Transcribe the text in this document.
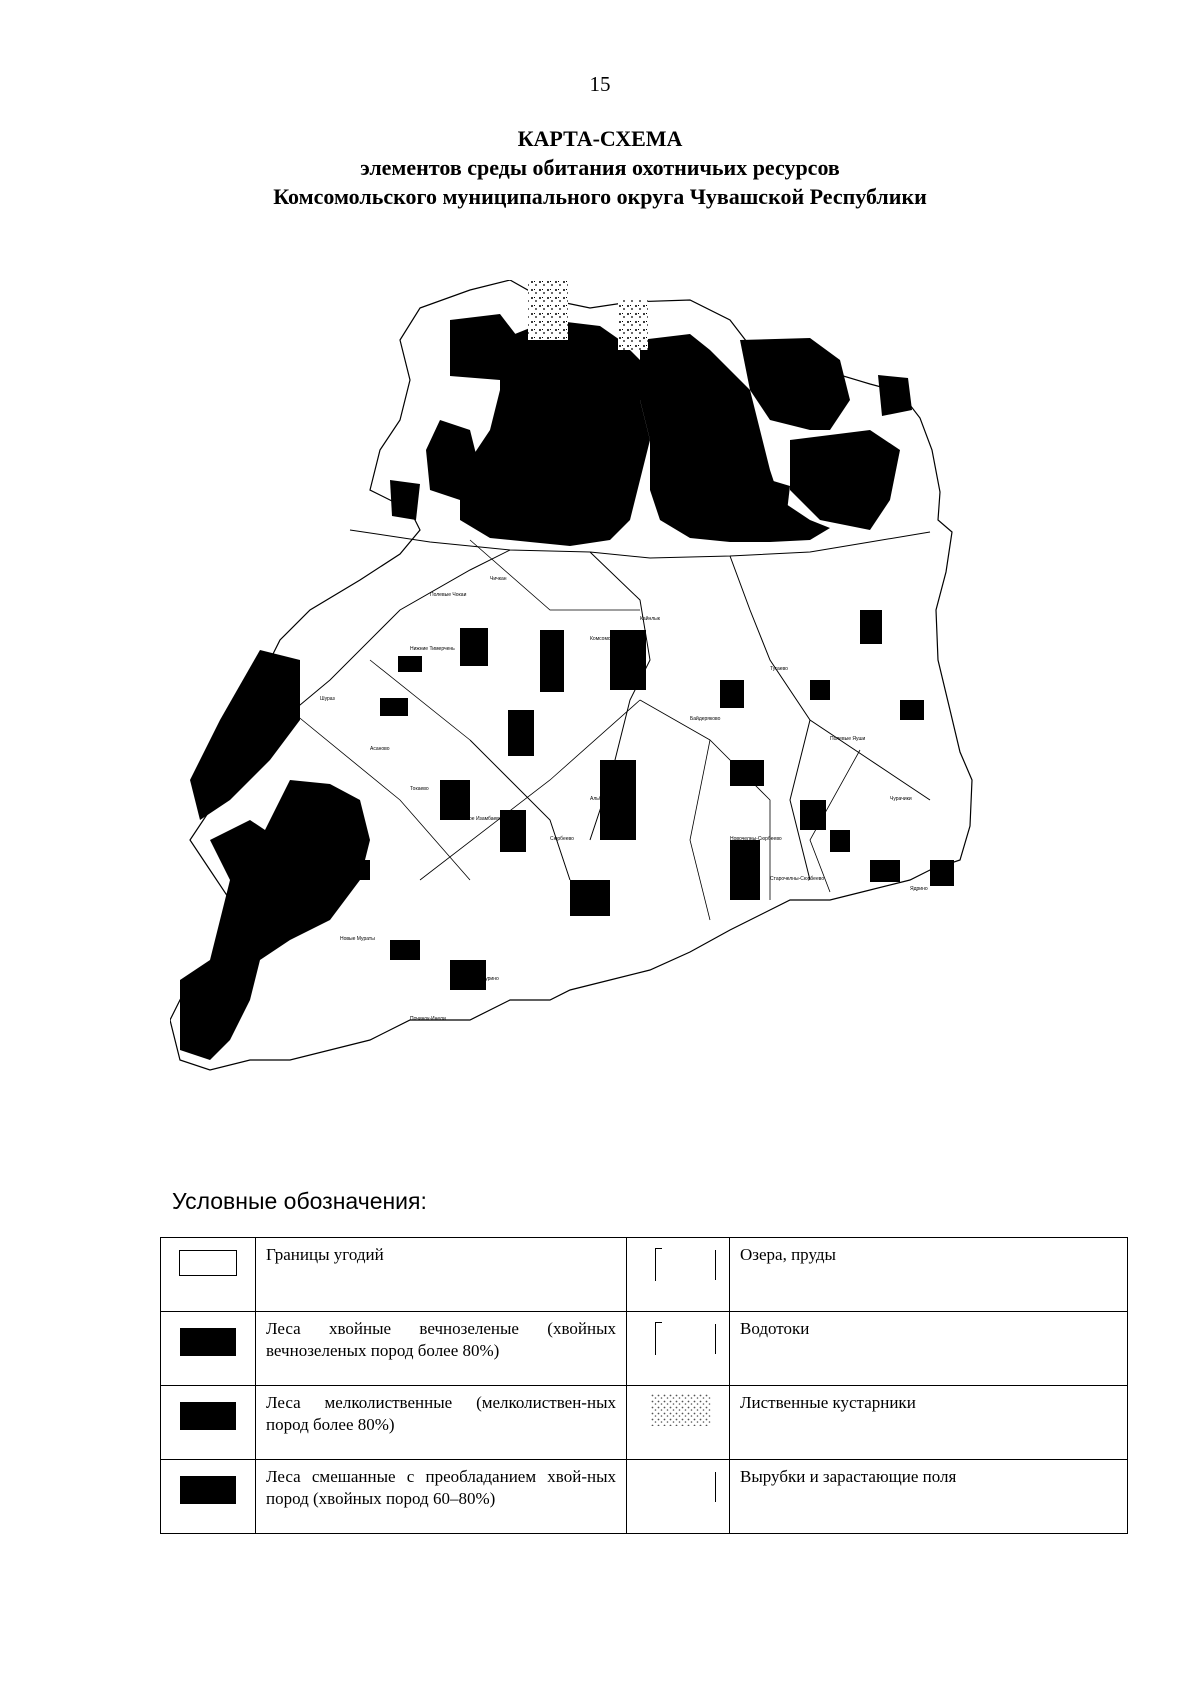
15
КАРТА-СХЕМА
элементов среды обитания охотничьих ресурсов
Комсомольского муниципального округа Чувашской Республики
Кульгеши
Полевые Чокаи
Чичкан
Нижние Тимерчень
Кайнлык
Комсомольское
Шураз
Асаново
Токаево
Новое Изамбаево
Альбусь-Сюрбеево
Сюрбеево
Байдеряково
Тугаево
Полевые Яуши
Чурачики
Новочелны-Сюрбеево
Старочелны-Сюрбеево
Новые Мураты
Яманчурино
Починок-Инели
Ядрино
Условные обозначения:
	Границы угодий		Озера, пруды
	Леса хвойные вечнозеленые (хвойных вечнозеленых пород более 80%)		Водотоки
	Леса мелколиственные (мелколиствен-ных пород более 80%)		Лиственные кустарники
	Леса смешанные с преобладанием хвой-ных пород (хвойных пород 60–80%)		Вырубки и зарастающие поля
